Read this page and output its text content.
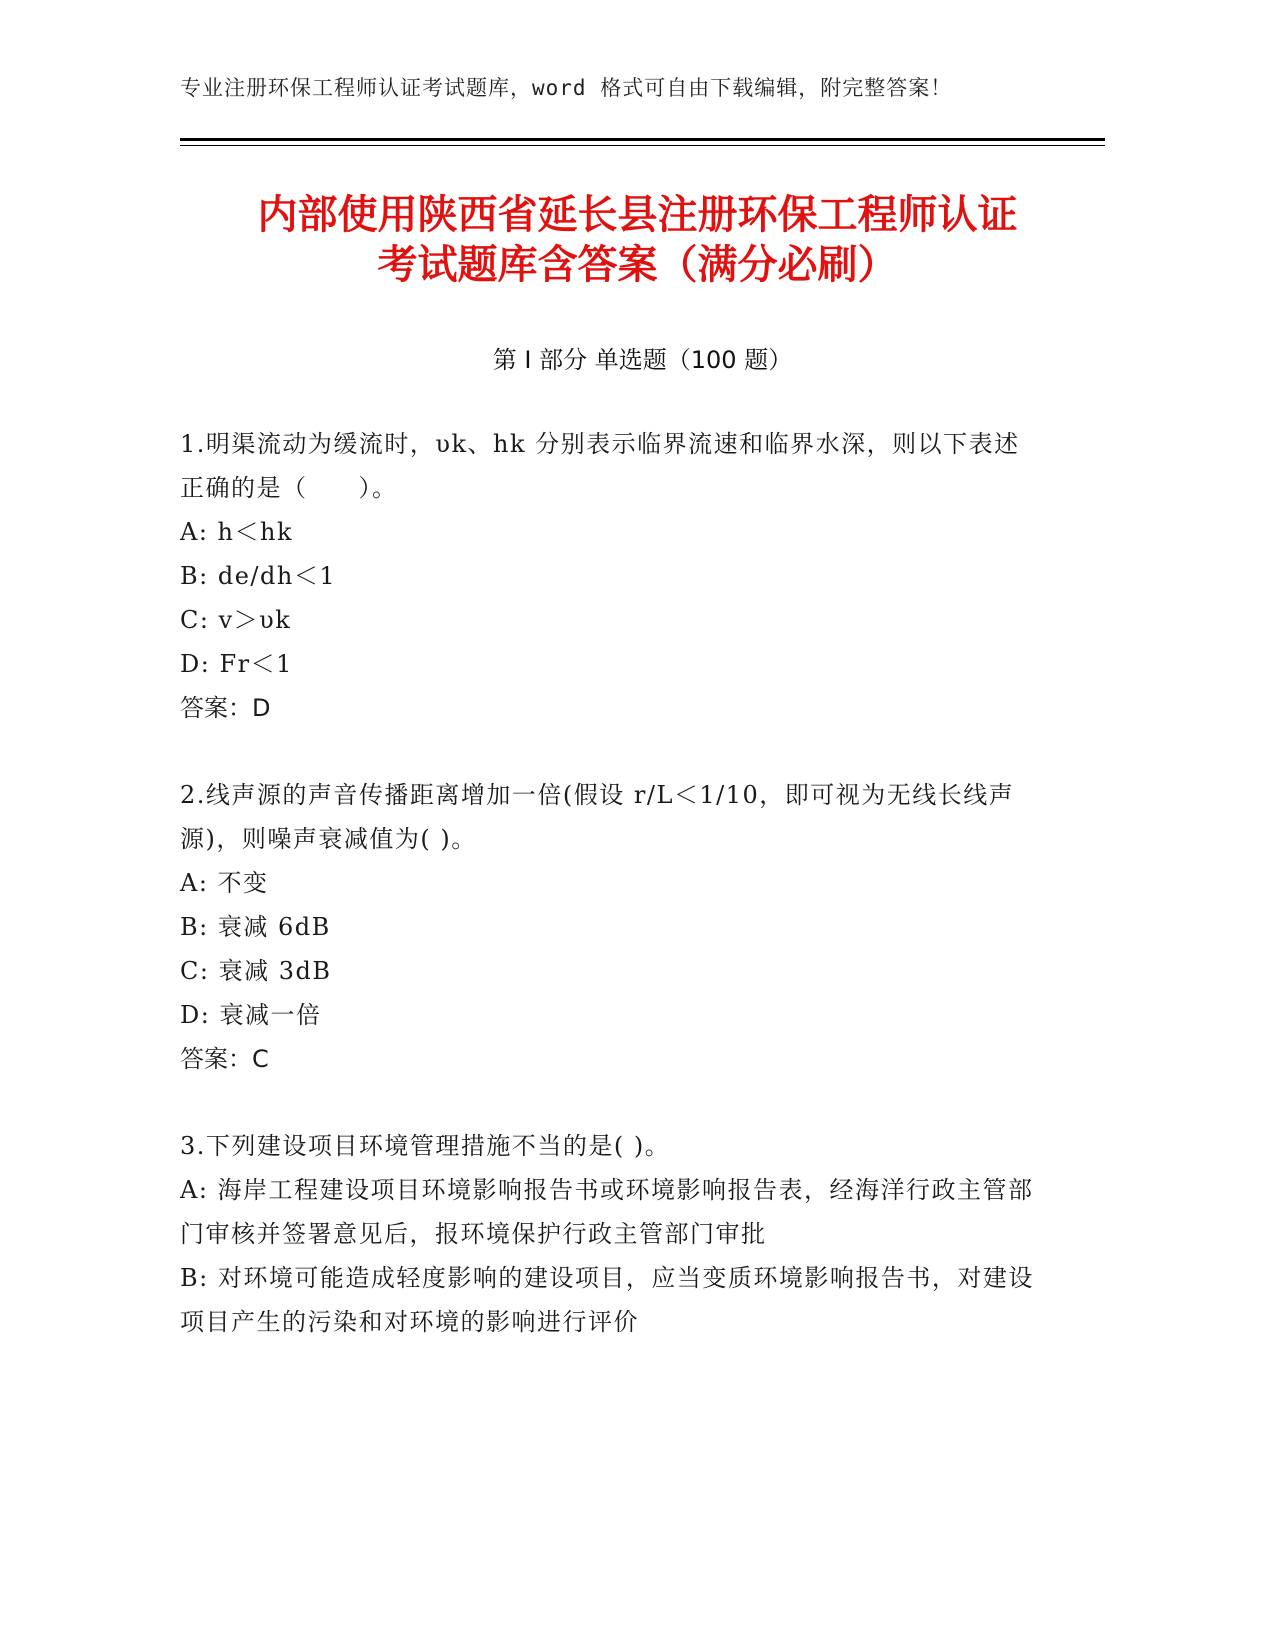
专业注册环保工程师认证考试题库，word 格式可自由下载编辑，附完整答案！
内部使用陕西省延长县注册环保工程师认证
考试题库含答案（满分必刷）
第 I 部分 单选题（100 题）

1.明渠流动为缓流时，υk、hk 分别表示临界流速和临界水深，则以下表述正确的是（　　）。

A: h＜hk

B: de/dh＜1

C: v＞υk

D: Fr＜1

答案：D

2.线声源的声音传播距离增加一倍(假设 r/L＜1/10，即可视为无线长线声源)，则噪声衰减值为( )。

A: 不变

B: 衰减 6dB

C: 衰减 3dB

D: 衰减一倍

答案：C

3.下列建设项目环境管理措施不当的是( )。

A: 海岸工程建设项目环境影响报告书或环境影响报告表，经海洋行政主管部门审核并签署意见后，报环境保护行政主管部门审批

B: 对环境可能造成轻度影响的建设项目，应当变质环境影响报告书，对建设项目产生的污染和对环境的影响进行评价
